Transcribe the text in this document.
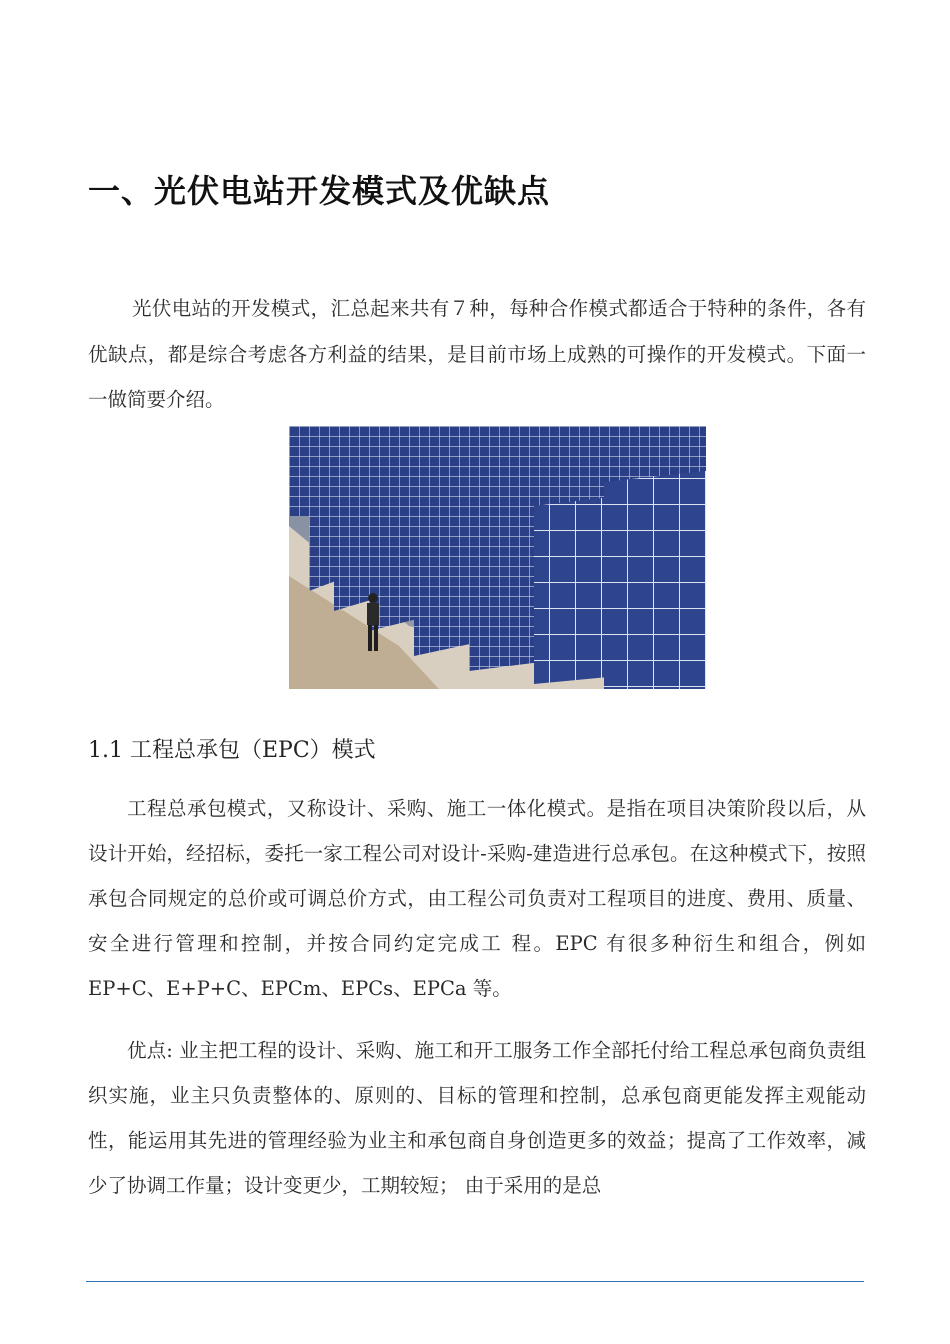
一、光伏电站开发模式及优缺点

光伏电站的开发模式，汇总起来共有７种，每种合作模式都适合于特种的条件，各有优缺点，都是综合考虑各方利益的结果，是目前市场上成熟的可操作的开发模式。下面一一做简要介绍。

1.1 工程总承包（EPC）模式

工程总承包模式，又称设计、采购、施工一体化模式。是指在项目决策阶段以后，从设计开始，经招标，委托一家工程公司对设计-采购-建造进行总承包。在这种模式下，按照承包合同规定的总价或可调总价方式，由工程公司负责对工程项目的进度、费用、质量、安全进行管理和控制，并按合同约定完成工 程。EPC 有很多种衍生和组合，例如 EP+C、E+P+C、EPCm、EPCs、EPCa 等。

优点: 业主把工程的设计、采购、施工和开工服务工作全部托付给工程总承包商负责组织实施，业主只负责整体的、原则的、目标的管理和控制，总承包商更能发挥主观能动性，能运用其先进的管理经验为业主和承包商自身创造更多的效益；提高了工作效率，减少了协调工作量；设计变更少，工期较短； 由于采用的是总
